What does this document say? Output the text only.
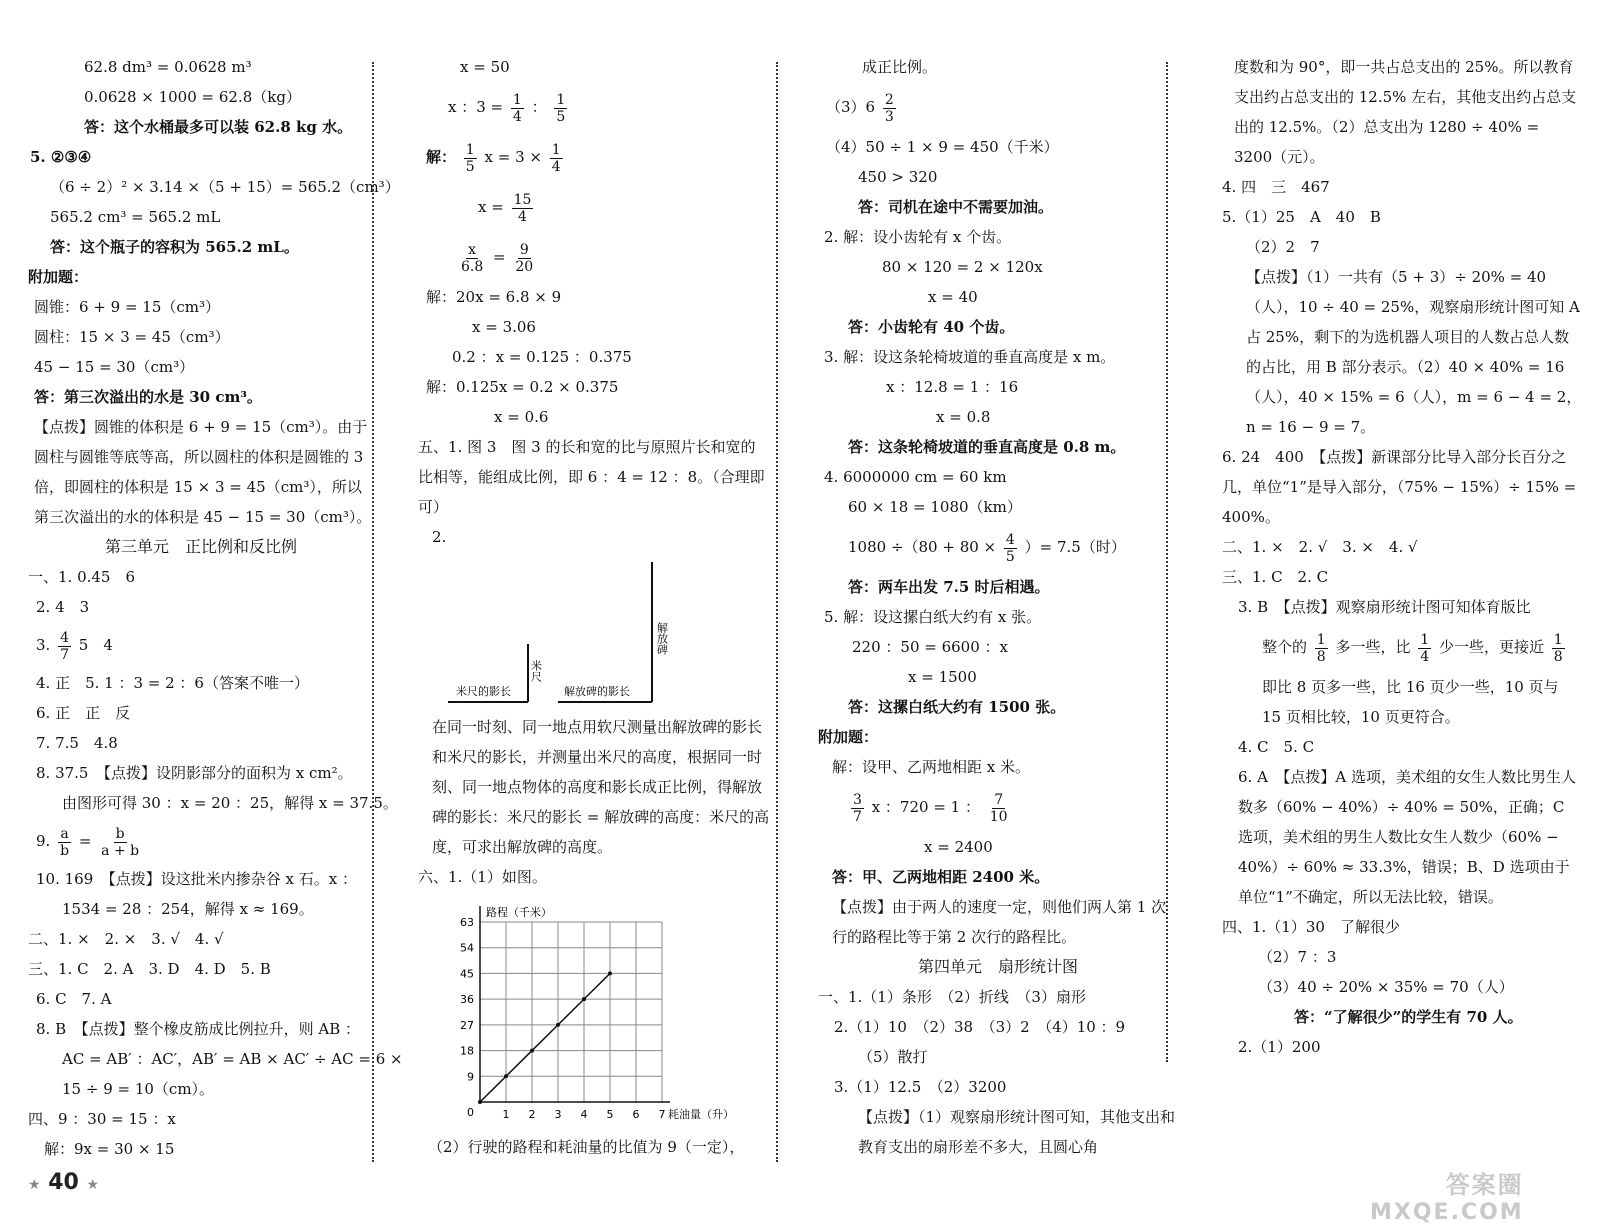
62.8 dm³ = 0.0628 m³
0.0628 × 1000 = 62.8（kg）
答：这个水桶最多可以装 62.8 kg 水。
5. ②③④
（6 ÷ 2）² × 3.14 ×（5 + 15）= 565.2（cm³）
565.2 cm³ = 565.2 mL
答：这个瓶子的容积为 565.2 mL。
附加题：
圆锥：6 + 9 = 15（cm³）
圆柱：15 × 3 = 45（cm³）
45 − 15 = 30（cm³）
答：第三次溢出的水是 30 cm³。
【点拨】圆锥的体积是 6 + 9 = 15（cm³）。由于圆柱与圆锥等底等高，所以圆柱的体积是圆锥的 3 倍，即圆柱的体积是 15 × 3 = 45（cm³），所以第三次溢出的水的体积是 45 − 15 = 30（cm³）。
第三单元　正比例和反比例
一、1. 0.45　6
2. 4　3
3. $\frac{4}{7} 5$　4
4. 正　5. 1 ：3 = 2 ：6（答案不唯一）
6. 正　正　反
7. 7.5　4.8
8. 37.5　【点拨】设阴影部分的面积为 x cm²。
由图形可得 30 ：x = 20 ：25，解得 x = 37.5。
9. $\frac{a}{b} = \frac{b}{a + b}$
10. 169　【点拨】设这批米内掺杂谷 x 石。x ：
1534 = 28 ：254，解得 x ≈ 169。
二、1. ×　2. ×　3. √　4. √
三、1. C　2. A　3. D　4. D　5. B
6. C　7. A
8. B　【点拨】整个橡皮筋成比例拉升，则 AB ：
AC = AB′ ：AC′，AB′ = AB × AC′ ÷ AC = 6 ×
15 ÷ 9 = 10（cm）。
四、9 ：30 = 15 ：x
解：9x = 30 × 15
x = 50
x ：$3 = \frac{1}{4}$ ： $\frac{1}{5}$
解： $\frac{1}{5}$ $x = 3 \times \frac{1}{4}$
$x = \frac{15}{4}$
$\frac{x}{6.8} = \frac{9}{20}$
解：20x = 6.8 × 9
x = 3.06
0.2 ：x = 0.125 ：0.375
解：0.125x = 0.2 × 0.375
x = 0.6
五、1. 图 3　图 3 的长和宽的比与原照片长和宽的比相等，能组成比例，即 6 ：4 = 12 ：8。（合理即可）
2.
米尺的影长	解放碑的影长
米尺
解放碑
在同一时刻、同一地点用软尺测量出解放碑的影长和米尺的影长，并测量出米尺的高度，根据同一时刻、同一地点物体的高度和影长成正比例，得解放碑的影长：米尺的影长 = 解放碑的高度：米尺的高度，可求出解放碑的高度。
六、1.（1）如图。
1 2 3 4 5 6 7
9
18
27
36
45
54
63
0
路程（千米）
耗油量（升）
（2）行驶的路程和耗油量的比值为 9（一定），
成正比例。
$(3)6 \frac{2}{3}$
（4）50 ÷ 1 × 9 = 450（千米）
450 > 320
答：司机在途中不需要加油。
2. 解：设小齿轮有 x 个齿。
80 × 120 = 2 × 120x
x = 40
答：小齿轮有 40 个齿。
3. 解：设这条轮椅坡道的垂直高度是 x m。
x ：12.8 = 1 ：16
x = 0.8
答：这条轮椅坡道的垂直高度是 0.8 m。
4. 6000000 cm = 60 km
60 × 18 = 1080（km）
$1080 \div(80 + 80 \times \frac{4}{5}$ ）= 7.5（时）
答：两车出发 7.5 时后相遇。
5. 解：设这摞白纸大约有 x 张。
220 ：50 = 6600 ：x
x = 1500
答：这摞白纸大约有 1500 张。
附加题：
解：设甲、乙两地相距 x 米。
$\frac{3}{7}$ x ：720 = 1 ： $\frac{7}{10}$
x = 2400
答：甲、乙两地相距 2400 米。
【点拨】由于两人的速度一定，则他们两人第 1 次行的路程比等于第 2 次行的路程比。
第四单元　扇形统计图
一、1.（1）条形　（2）折线　（3）扇形
2.（1）10　（2）38　（3）2　（4）10 ：9
（5）散打
3.（1）12.5　（2）3200
【点拨】（1）观察扇形统计图可知，其他支出和教育支出的扇形差不多大，且圆心角
度数和为 90°，即一共占总支出的 25%。所以教育支出约占总支出的 12.5% 左右，其他支出约占总支出的 12.5%。（2）总支出为 1280 ÷ 40% = 3200（元）。
4. 四　三　467
5.（1）25　A　40　B
（2）2　7
【点拨】（1）一共有（5 + 3）÷ 20% = 40（人），10 ÷ 40 = 25%，观察扇形统计图可知 A 占 25%，剩下的为选机器人项目的人数占总人数的占比，用 B 部分表示。（2）40 × 40% = 16（人），40 × 15% = 6（人），m = 6 − 4 = 2，n = 16 − 9 = 7。
6. 24　400　【点拨】新课部分比导入部分长百分之几，单位“1”是导入部分，（75% − 15%）÷ 15% = 400%。
二、1. ×　2. √　3. ×　4. √
三、1. C　2. C
3. B　【点拨】观察扇形统计图可知体育版比
整个的 $\frac{1}{8}$ 多一些，比 $\frac{1}{4}$ 少一些，更接近 $\frac{1}{8}$
即比 8 页多一些，比 16 页少一些，10 页与 15 页相比较，10 页更符合。
4. C　5. C
6. A　【点拨】A 选项，美术组的女生人数比男生人数多（60% − 40%）÷ 40% = 50%，正确；C 选项，美术组的男生人数比女生人数少（60% − 40%）÷ 60% ≈ 33.3%，错误；B、D 选项由于单位“1”不确定，所以无法比较，错误。
四、1.（1）30　了解很少
（2）7 ：3
（3）40 ÷ 20% × 35% = 70（人）
答：“了解很少”的学生有 70 人。
2.（1）200
★ 40 ★	答案圈
MXQE.COM
